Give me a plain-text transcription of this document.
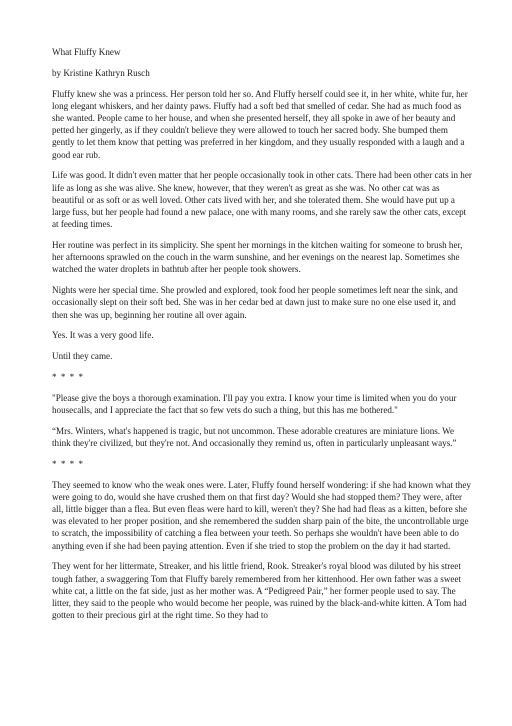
What Fluffy Knew

by Kristine Kathryn Rusch

Fluffy knew she was a princess. Her person told her so. And Fluffy herself could see it, in her white, white fur, her long elegant whiskers, and her dainty paws. Fluffy had a soft bed that smelled of cedar. She had as much food as she wanted. People came to her house, and when she presented herself, they all spoke in awe of her beauty and petted her gingerly, as if they couldn't believe they were allowed to touch her sacred body. She bumped them gently to let them know that petting was preferred in her kingdom, and they usually responded with a laugh and a good ear rub.

Life was good. It didn't even matter that her people occasionally took in other cats. There had been other cats in her life as long as she was alive. She knew, however, that they weren't as great as she was. No other cat was as beautiful or as soft or as well loved. Other cats lived with her, and she tolerated them. She would have put up a large fuss, but her people had found a new palace, one with many rooms, and she rarely saw the other cats, except at feeding times.

Her routine was perfect in its simplicity. She spent her mornings in the kitchen waiting for someone to brush her, her afternoons sprawled on the couch in the warm sunshine, and her evenings on the nearest lap. Sometimes she watched the water droplets in bathtub after her people took showers.

Nights were her special time. She prowled and explored, took food her people sometimes left near the sink, and occasionally slept on their soft bed. She was in her cedar bed at dawn just to make sure no one else used it, and then she was up, beginning her routine all over again.

Yes. It was a very good life.

Until they came.

* * * *

"Please give the boys a thorough examination. I'll pay you extra. I know your time is limited when you do your housecalls, and I appreciate the fact that so few vets do such a thing, but this has me bothered."

“Mrs. Winters, what's happened is tragic, but not uncommon. These adorable creatures are miniature lions. We think they're civilized, but they're not. And occasionally they remind us, often in particularly unpleasant ways.”

* * * *

They seemed to know who the weak ones were. Later, Fluffy found herself wondering: if she had known what they were going to do, would she have crushed them on that first day? Would she had stopped them? They were, after all, little bigger than a flea. But even fleas were hard to kill, weren't they? She had had fleas as a kitten, before she was elevated to her proper position, and she remembered the sudden sharp pain of the bite, the uncontrollable urge to scratch, the impossibility of catching a flea between your teeth. So perhaps she wouldn't have been able to do anything even if she had been paying attention. Even if she tried to stop the problem on the day it had started.

They went for her littermate, Streaker, and his little friend, Rook. Streaker's royal blood was diluted by his street tough father, a swaggering Tom that Fluffy barely remembered from her kittenhood. Her own father was a sweet white cat, a little on the fat side, just as her mother was. A “Pedigreed Pair,” her former people used to say. The litter, they said to the people who would become her people, was ruined by the black-and-white kitten. A Tom had gotten to their precious girl at the right time. So they had to
